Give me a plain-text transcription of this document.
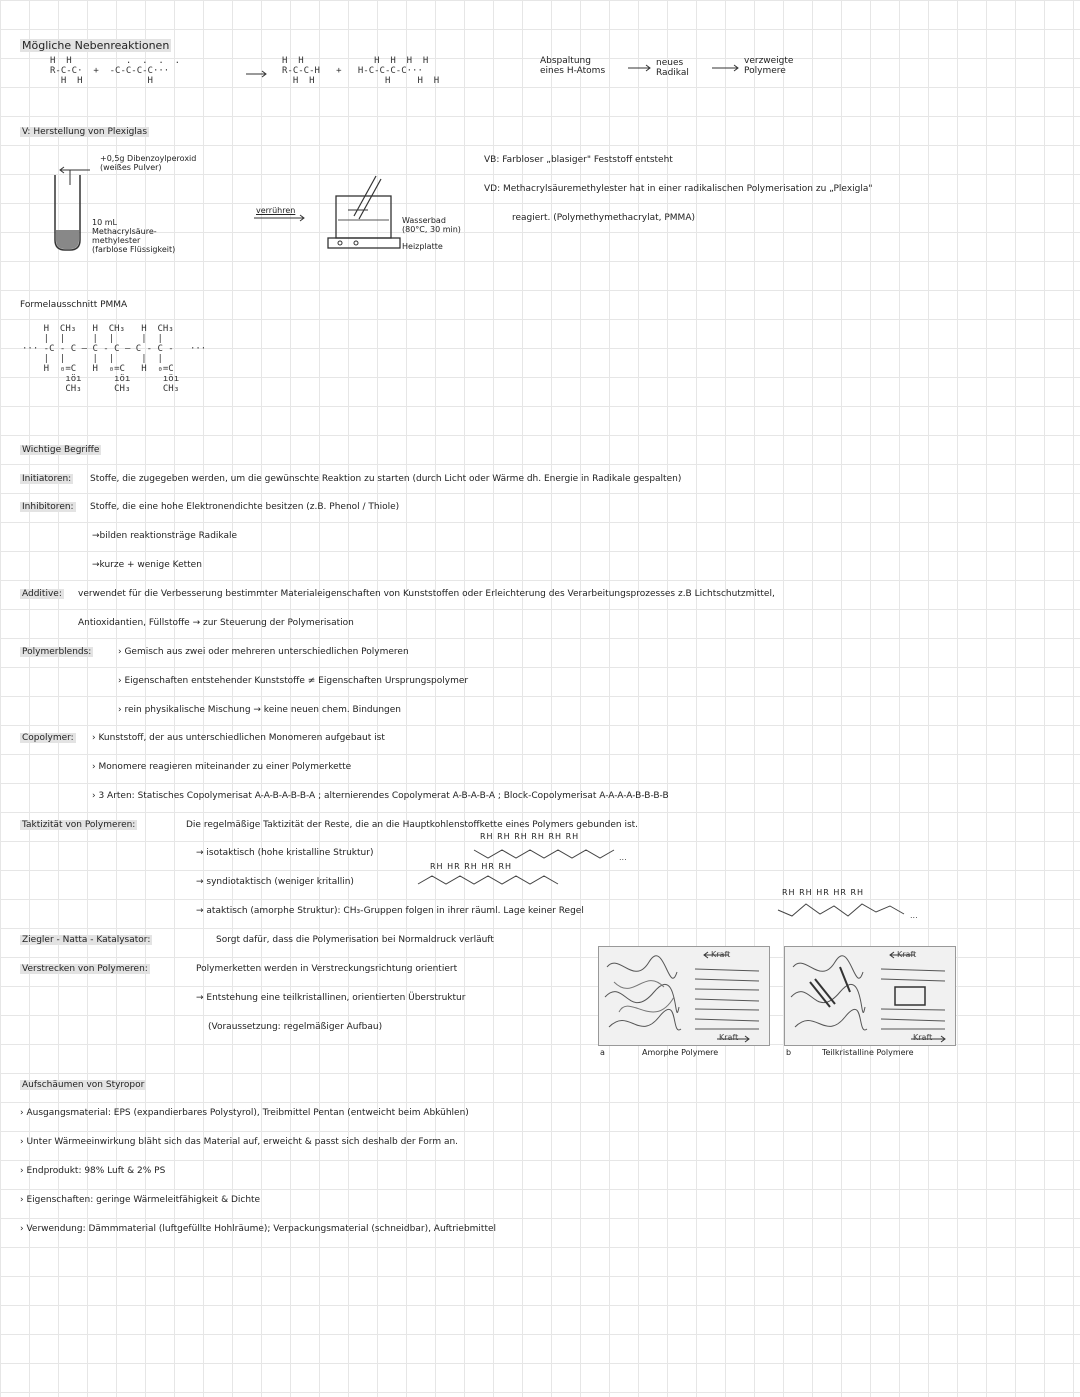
Mögliche Nebenreaktionen
H  H          .  .  .  .
R-C-C·  +  -C-C-C-C···
H  H            H
H  H             H  H  H  H
R-C-C-H   +   H-C-C-C-C···
H  H             H     H  H
Abspaltung
eines H-Atoms
neues
Radikal
verzweigte
Polymere
V: Herstellung von Plexiglas
+0,5g Dibenzoylperoxid
(weißes Pulver)
10 mL
Methacrylsäure-
methylester
(farblose Flüssigkeit)
verrühren
Wasserbad
(80°C, 30 min)
Heizplatte
VB: Farbloser „blasiger" Feststoff entsteht
VD: Methacrylsäuremethylester hat in einer radikalischen Polymerisation zu „Plexigla"
reagiert. (Polymethymethacrylat, PMMA)
Formelausschnitt PMMA
H  CH₃   H  CH₃   H  CH₃
|  |     |  |     |  |
··· -C - C — C - C — C - C -   ···
|  |     |  |     |  |
H  ₀=C   H  ₀=C   H  ₀=C
ıöı      ıöı      ıöı
CH₃      CH₃      CH₃
Wichtige Begriffe
Initiatoren: Stoffe, die zugegeben werden, um die gewünschte Reaktion zu starten (durch Licht oder Wärme dh. Energie in Radikale gespalten)
Inhibitoren: Stoffe, die eine hohe Elektronendichte besitzen (z.B. Phenol / Thiole)
→bilden reaktionsträge Radikale
→kurze + wenige Ketten
Additive: verwendet für die Verbesserung bestimmter Materialeigenschaften von Kunststoffen oder Erleichterung des Verarbeitungsprozesses z.B Lichtschutzmittel,
Antioxidantien, Füllstoffe → zur Steuerung der Polymerisation
Polymerblends:	› Gemisch aus zwei oder mehreren unterschiedlichen Polymeren
› Eigenschaften entstehender Kunststoffe ≠ Eigenschaften Ursprungspolymer
› rein physikalische Mischung → keine neuen chem. Bindungen
Copolymer: › Kunststoff, der aus unterschiedlichen Monomeren aufgebaut ist
› Monomere reagieren miteinander zu einer Polymerkette
› 3 Arten: Statisches Copolymerisat A-A-B-A-B-B-A ; alternierendes Copolymerat A-B-A-B-A ; Block-Copolymerisat A-A-A-A-B-B-B-B
Taktizität von Polymeren:	Die regelmäßige Taktizität der Reste, die an die Hauptkohlenstoffkette eines Polymers gebunden ist.
RH RH RH RH RH RH
...
→ isotaktisch (hohe kristalline Struktur)
RH HR RH HR RH
→ syndiotaktisch (weniger kritallin)
RH RH HR HR RH
...
→ ataktisch (amorphe Struktur): CH₃-Gruppen folgen in ihrer räuml. Lage keiner Regel
Ziegler - Natta - Katalysator:	Sorgt dafür, dass die Polymerisation bei Normaldruck verläuft
Verstrecken von Polymeren:	Polymerketten werden in Verstreckungsrichtung orientiert
→ Entstehung eine teilkristallinen, orientierten Überstruktur
(Voraussetzung: regelmäßiger Aufbau)
Kraft
Kraft
a	Amorphe Polymere
Kraft
Kraft
b	Teilkristalline Polymere
Aufschäumen von Styropor
› Ausgangsmaterial: EPS (expandierbares Polystyrol), Treibmittel Pentan (entweicht beim Abkühlen)
› Unter Wärmeeinwirkung bläht sich das Material auf, erweicht & passt sich deshalb der Form an.
› Endprodukt: 98% Luft & 2% PS
› Eigenschaften: geringe Wärmeleitfähigkeit & Dichte
› Verwendung: Dämmmaterial (luftgefüllte Hohlräume); Verpackungsmaterial (schneidbar), Auftriebmittel
